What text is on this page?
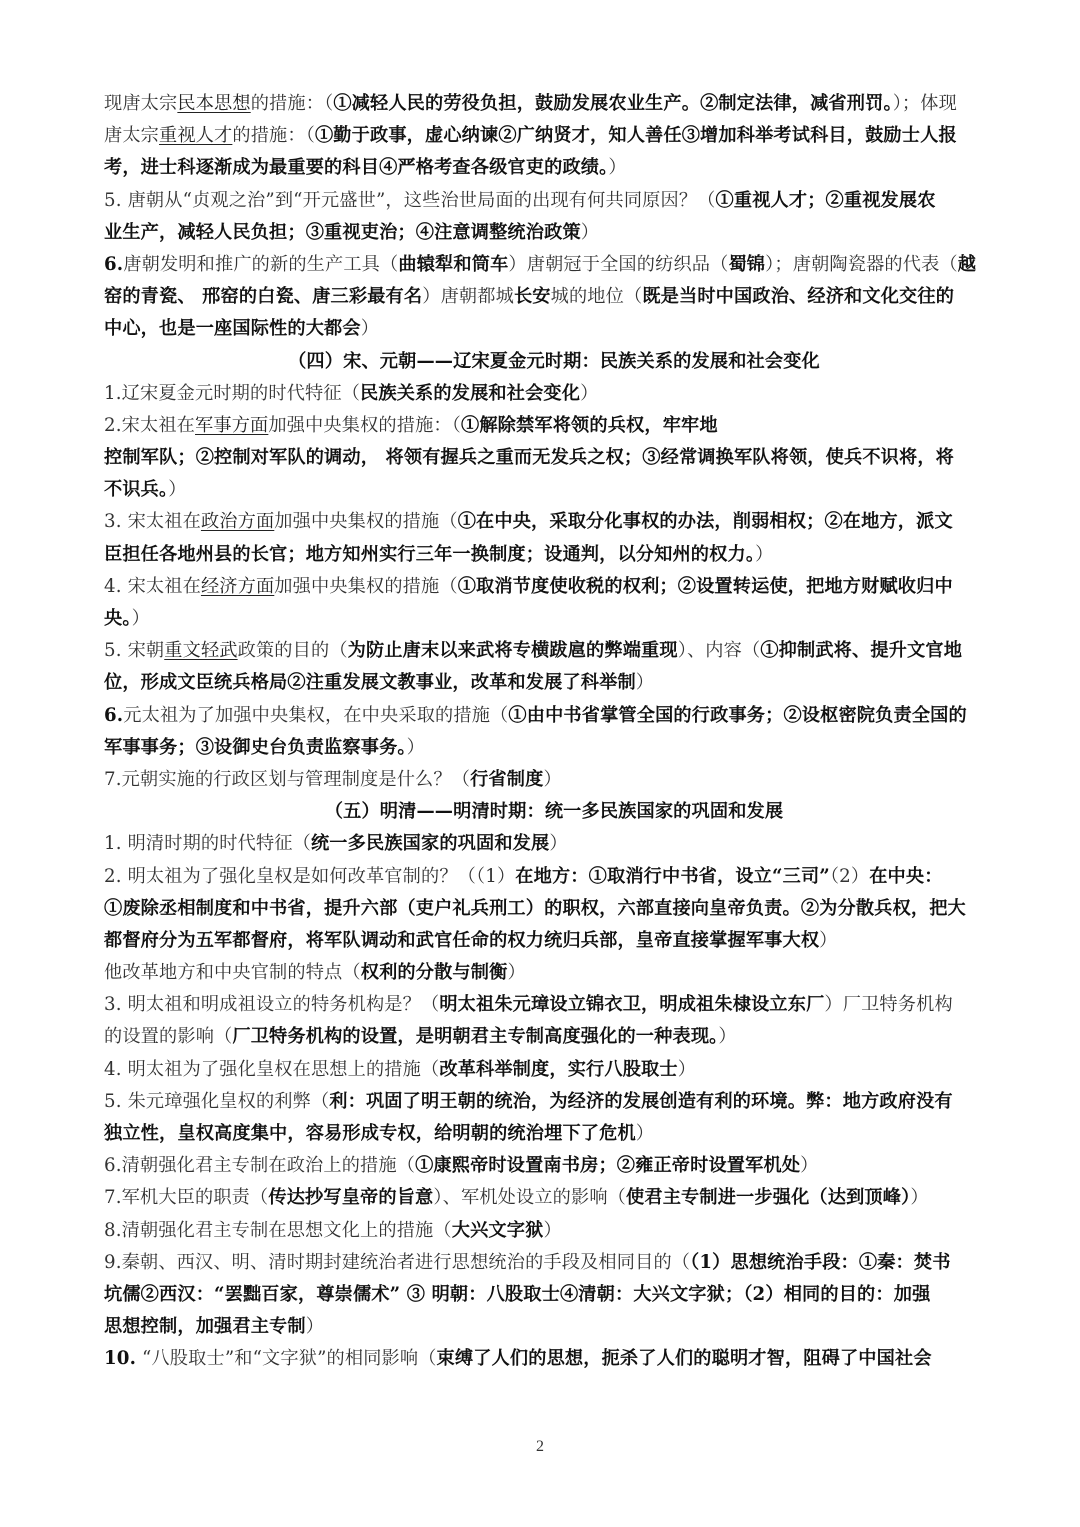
现唐太宗民本思想的措施：（①减轻人民的劳役负担，鼓励发展农业生产。②制定法律，减省刑罚。）；体现
唐太宗重视人才的措施：（①勤于政事，虚心纳谏②广纳贤才，知人善任③增加科举考试科目，鼓励士人报
考，进士科逐渐成为最重要的科目④严格考查各级官吏的政绩。）
5. 唐朝从“贞观之治”到“开元盛世”，这些治世局面的出现有何共同原因？（①重视人才；②重视发展农
业生产，减轻人民负担；③重视吏治；④注意调整统治政策）
6.唐朝发明和推广的新的生产工具（曲辕犁和筒车）唐朝冠于全国的纺织品（蜀锦）；唐朝陶瓷器的代表（越
窑的青瓷、 邢窑的白瓷、唐三彩最有名）唐朝都城长安城的地位（既是当时中国政治、经济和文化交往的
中心，也是一座国际性的大都会）
（四）宋、元朝——辽宋夏金元时期：民族关系的发展和社会变化
1.辽宋夏金元时期的时代特征（民族关系的发展和社会变化）
2.宋太祖在军事方面加强中央集权的措施：（①解除禁军将领的兵权，牢牢地
控制军队；②控制对军队的调动， 将领有握兵之重而无发兵之权；③经常调换军队将领，使兵不识将，将
不识兵。）
3. 宋太祖在政治方面加强中央集权的措施（①在中央，采取分化事权的办法，削弱相权；②在地方，派文
臣担任各地州县的长官；地方知州实行三年一换制度；设通判，以分知州的权力。）
4. 宋太祖在经济方面加强中央集权的措施（①取消节度使收税的权利；②设置转运使，把地方财赋收归中
央。）
5. 宋朝重文轻武政策的目的（为防止唐末以来武将专横跋扈的弊端重现）、内容（①抑制武将、提升文官地
位，形成文臣统兵格局②注重发展文教事业，改革和发展了科举制）
6.元太祖为了加强中央集权，在中央采取的措施（①由中书省掌管全国的行政事务；②设枢密院负责全国的
军事事务；③设御史台负责监察事务。）
7.元朝实施的行政区划与管理制度是什么？（行省制度）
（五）明清——明清时期：统一多民族国家的巩固和发展
1. 明清时期的时代特征（统一多民族国家的巩固和发展）
2. 明太祖为了强化皇权是如何改革官制的？（（1）在地方：①取消行中书省，设立“三司”（2）在中央：
①废除丞相制度和中书省，提升六部（吏户礼兵刑工）的职权，六部直接向皇帝负责。②为分散兵权，把大
都督府分为五军都督府，将军队调动和武官任命的权力统归兵部，皇帝直接掌握军事大权）
他改革地方和中央官制的特点（权利的分散与制衡）
3. 明太祖和明成祖设立的特务机构是？（明太祖朱元璋设立锦衣卫，明成祖朱棣设立东厂）厂卫特务机构
的设置的影响（厂卫特务机构的设置，是明朝君主专制高度强化的一种表现。）
4. 明太祖为了强化皇权在思想上的措施（改革科举制度，实行八股取士）
5. 朱元璋强化皇权的利弊（利：巩固了明王朝的统治，为经济的发展创造有利的环境。弊：地方政府没有
独立性，皇权高度集中，容易形成专权，给明朝的统治埋下了危机）
6.清朝强化君主专制在政治上的措施（①康熙帝时设置南书房；②雍正帝时设置军机处）
7.军机大臣的职责（传达抄写皇帝的旨意）、军机处设立的影响（使君主专制进一步强化（达到顶峰））
8.清朝强化君主专制在思想文化上的措施（大兴文字狱）
9.秦朝、西汉、明、清时期封建统治者进行思想统治的手段及相同目的（（1）思想统治手段：①秦：焚书
坑儒②西汉：“罢黜百家，尊崇儒术” ③ 明朝：八股取士④清朝：大兴文字狱；（2）相同的目的：加强
思想控制，加强君主专制）
10. “八股取士”和“文字狱”的相同影响（束缚了人们的思想，扼杀了人们的聪明才智，阻碍了中国社会
2
